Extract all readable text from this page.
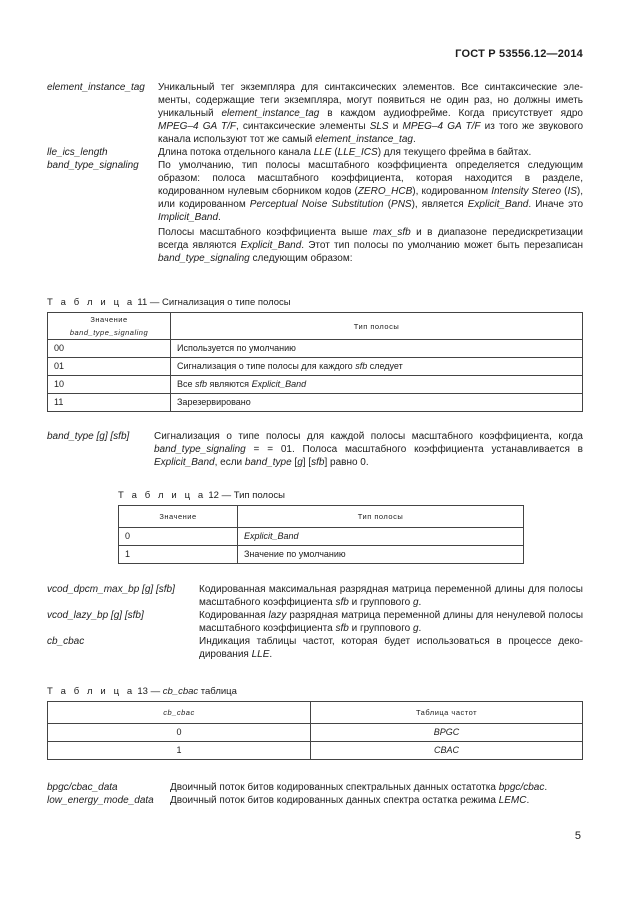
ГОСТ Р 53556.12—2014
element_instance_tag	Уникальный тег экземпляра для синтаксических элементов. Все синтаксические элементы, содержащие теги экземпляра, могут появиться не один раз, но должны иметь уникальный element_instance_tag в каждом аудиофрейме. Когда присутствует ядро MPEG–4 GA T/F, синтаксические элементы SLS и MPEG–4 GA T/F из того же звукового канала используют тот же самый element_instance_tag.

lle_ics_length	Длина потока отдельного канала LLE (LLE_ICS) для текущего фрейма в байтах.

band_type_signaling	По умолчанию, тип полосы масштабного коэффициента определяется следующим образом: полоса масштабного коэффициента, которая находится в разделе, кодированном нулевым сборником кодов (ZERO_HCB), кодированном Intensity Stereo (IS), или кодированном Perceptual Noise Substitution (PNS), является Explicit_Band. Иначе это Implicit_Band.

Полосы масштабного коэффициента выше max_sfb и в диапазоне передискретизации всегда являются Explicit_Band. Этот тип полосы по умолчанию может быть перезаписан band_type_signaling следующим образом:

Т а б л и ц а 11 — Сигнализация о типе полосы
Значение band_type_signaling	Тип полосы
00	Используется по умолчанию
01	Сигнализация о типе полосы для каждого sfb следует
10	Все sfb являются Explicit_Band
11	Зарезервировано
band_type [g] [sfb]	Сигнализация о типе полосы для каждой полосы масштабного коэффициента, когда band_type_signaling = = 01. Полоса масштабного коэффициента устанавливается в Explicit_Band, если band_type [g] [sfb] равно 0.

Т а б л и ц а 12 — Тип полосы
Значение	Тип полосы
0	Explicit_Band
1	Значение по умолчанию
vcod_dpcm_max_bp [g] [sfb]	Кодированная максимальная разрядная матрица переменной длины для полосы масштабного коэффициента sfb и группового g.

vcod_lazy_bp [g] [sfb]	Кодированная lazy разрядная матрица переменной длины для ненулевой полосы масштабного коэффициента sfb и группового g.

cb_cbac	Индикация таблицы частот, которая будет использоваться в процессе декодирования LLE.

Т а б л и ц а 13 — cb_cbac таблица
cb_cbac	Таблица частот
0	BPGC
1	CBAC
bpgc/cbac_data	Двоичный поток битов кодированных спектральных данных остатотка bpgc/cbac.

low_energy_mode_data	Двоичный поток битов кодированных данных спектра остатка режима LEMC.

5
